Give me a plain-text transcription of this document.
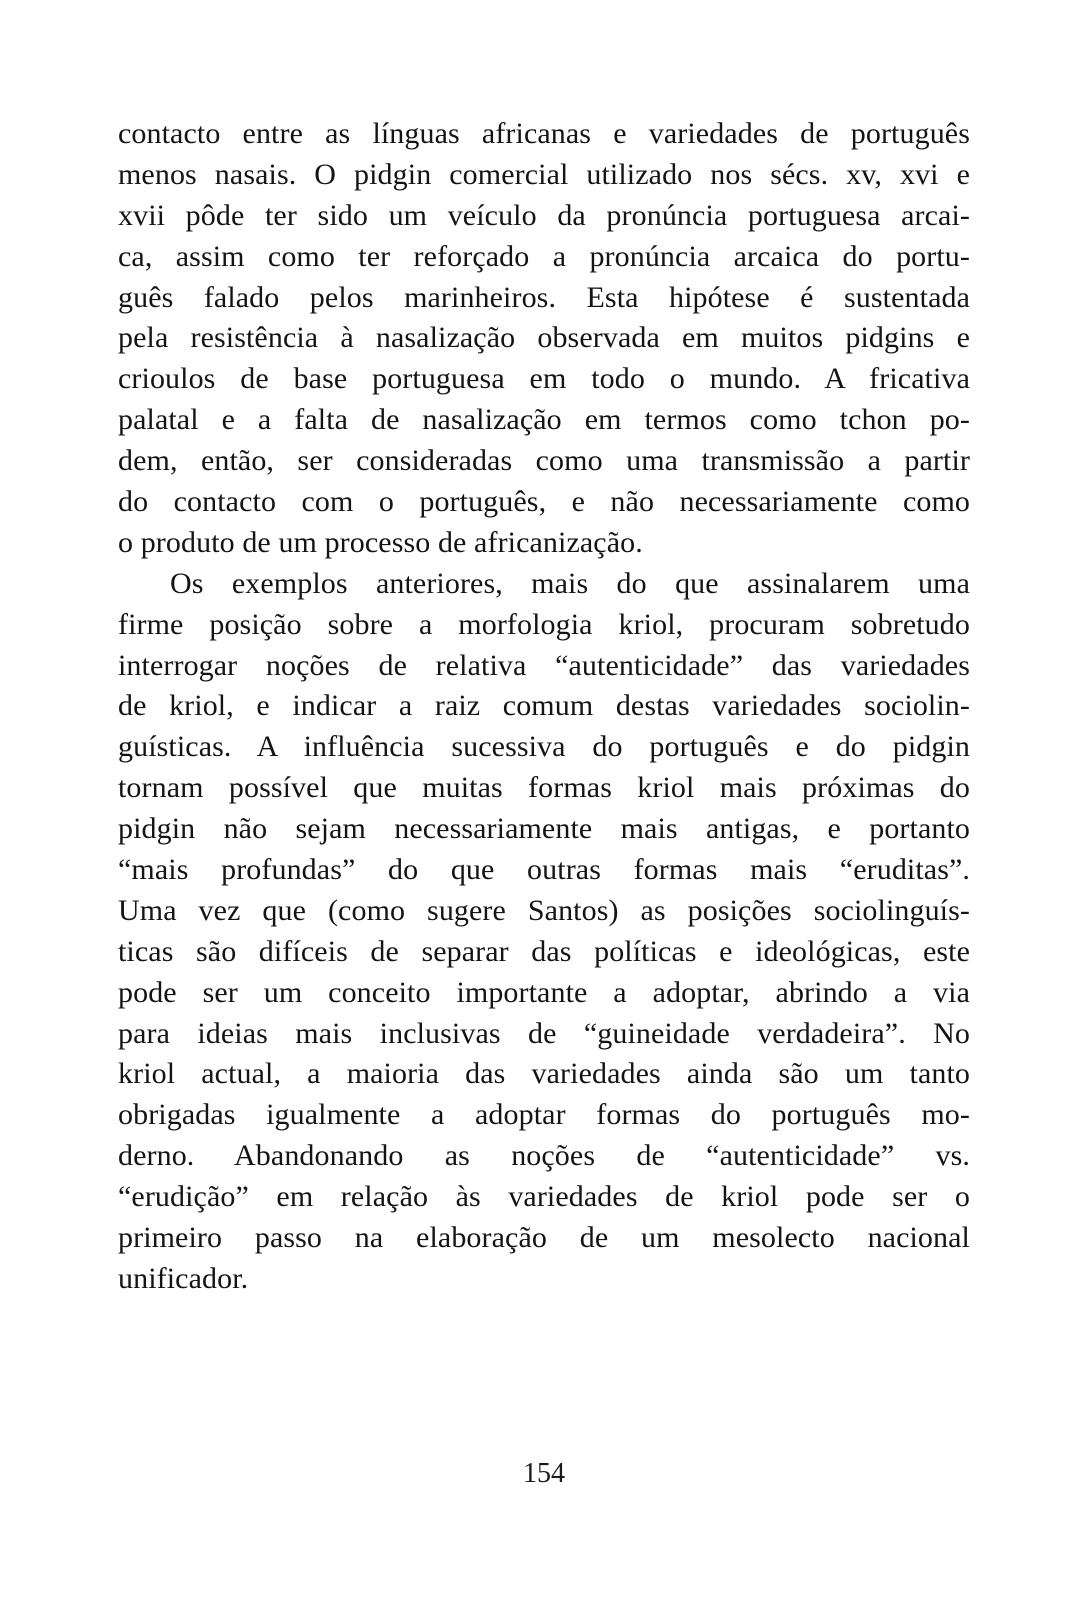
contacto entre as línguas africanas e variedades de português
menos nasais. O pidgin comercial utilizado nos sécs. xv, xvi e
xvii pôde ter sido um veículo da pronúncia portuguesa arcai-
ca, assim como ter reforçado a pronúncia arcaica do portu-
guês falado pelos marinheiros. Esta hipótese é sustentada
pela resistência à nasalização observada em muitos pidgins e
crioulos de base portuguesa em todo o mundo. A fricativa
palatal e a falta de nasalização em termos como tchon po-
dem, então, ser consideradas como uma transmissão a partir
do contacto com o português, e não necessariamente como
o produto de um processo de africanização.
Os exemplos anteriores, mais do que assinalarem uma
firme posição sobre a morfologia kriol, procuram sobretudo
interrogar noções de relativa “autenticidade” das variedades
de kriol, e indicar a raiz comum destas variedades sociolin-
guísticas. A influência sucessiva do português e do pidgin
tornam possível que muitas formas kriol mais próximas do
pidgin não sejam necessariamente mais antigas, e portanto
“mais profundas” do que outras formas mais “eruditas”.
Uma vez que (como sugere Santos) as posições sociolinguís-
ticas são difíceis de separar das políticas e ideológicas, este
pode ser um conceito importante a adoptar, abrindo a via
para ideias mais inclusivas de “guineidade verdadeira”. No
kriol actual, a maioria das variedades ainda são um tanto
obrigadas igualmente a adoptar formas do português mo-
derno. Abandonando as noções de “autenticidade” vs.
“erudição” em relação às variedades de kriol pode ser o
primeiro passo na elaboração de um mesolecto nacional
unificador.
154
